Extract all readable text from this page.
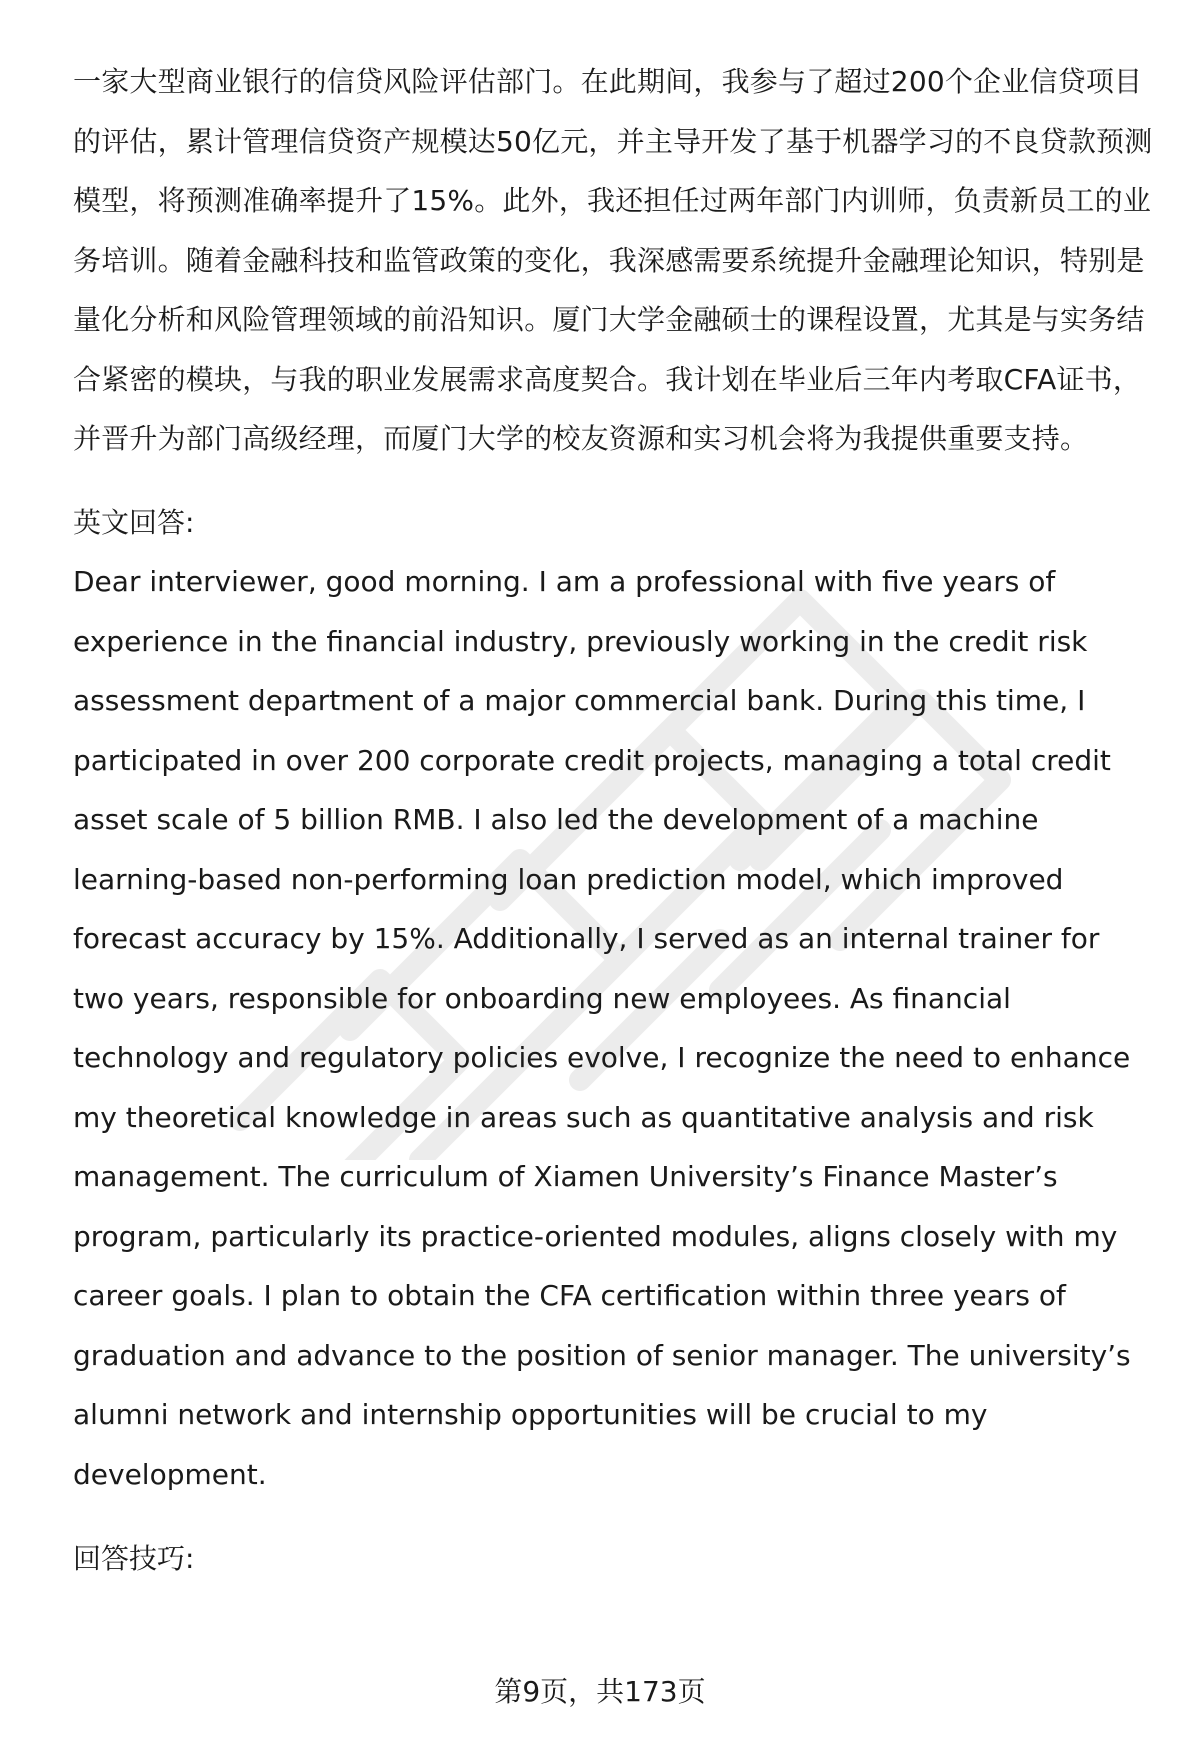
一家大型商业银行的信贷风险评估部门。在此期间，我参与了超过200个企业信贷项目的评估，累计管理信贷资产规模达50亿元，并主导开发了基于机器学习的不良贷款预测模型，将预测准确率提升了15%。此外，我还担任过两年部门内训师，负责新员工的业务培训。随着金融科技和监管政策的变化，我深感需要系统提升金融理论知识，特别是量化分析和风险管理领域的前沿知识。厦门大学金融硕士的课程设置，尤其是与实务结合紧密的模块，与我的职业发展需求高度契合。我计划在毕业后三年内考取CFA证书，并晋升为部门高级经理，而厦门大学的校友资源和实习机会将为我提供重要支持。

英文回答:

Dear interviewer, good morning. I am a professional with five years of experience in the financial industry, previously working in the credit risk assessment department of a major commercial bank. During this time, I participated in over 200 corporate credit projects, managing a total credit asset scale of 5 billion RMB. I also led the development of a machine learning-based non-performing loan prediction model, which improved forecast accuracy by 15%. Additionally, I served as an internal trainer for two years, responsible for onboarding new employees. As financial technology and regulatory policies evolve, I recognize the need to enhance my theoretical knowledge in areas such as quantitative analysis and risk management. The curriculum of Xiamen University’s Finance Master’s program, particularly its practice-oriented modules, aligns closely with my career goals. I plan to obtain the CFA certification within three years of graduation and advance to the position of senior manager. The university’s alumni network and internship opportunities will be crucial to my development.

回答技巧:

第9页，共173页
